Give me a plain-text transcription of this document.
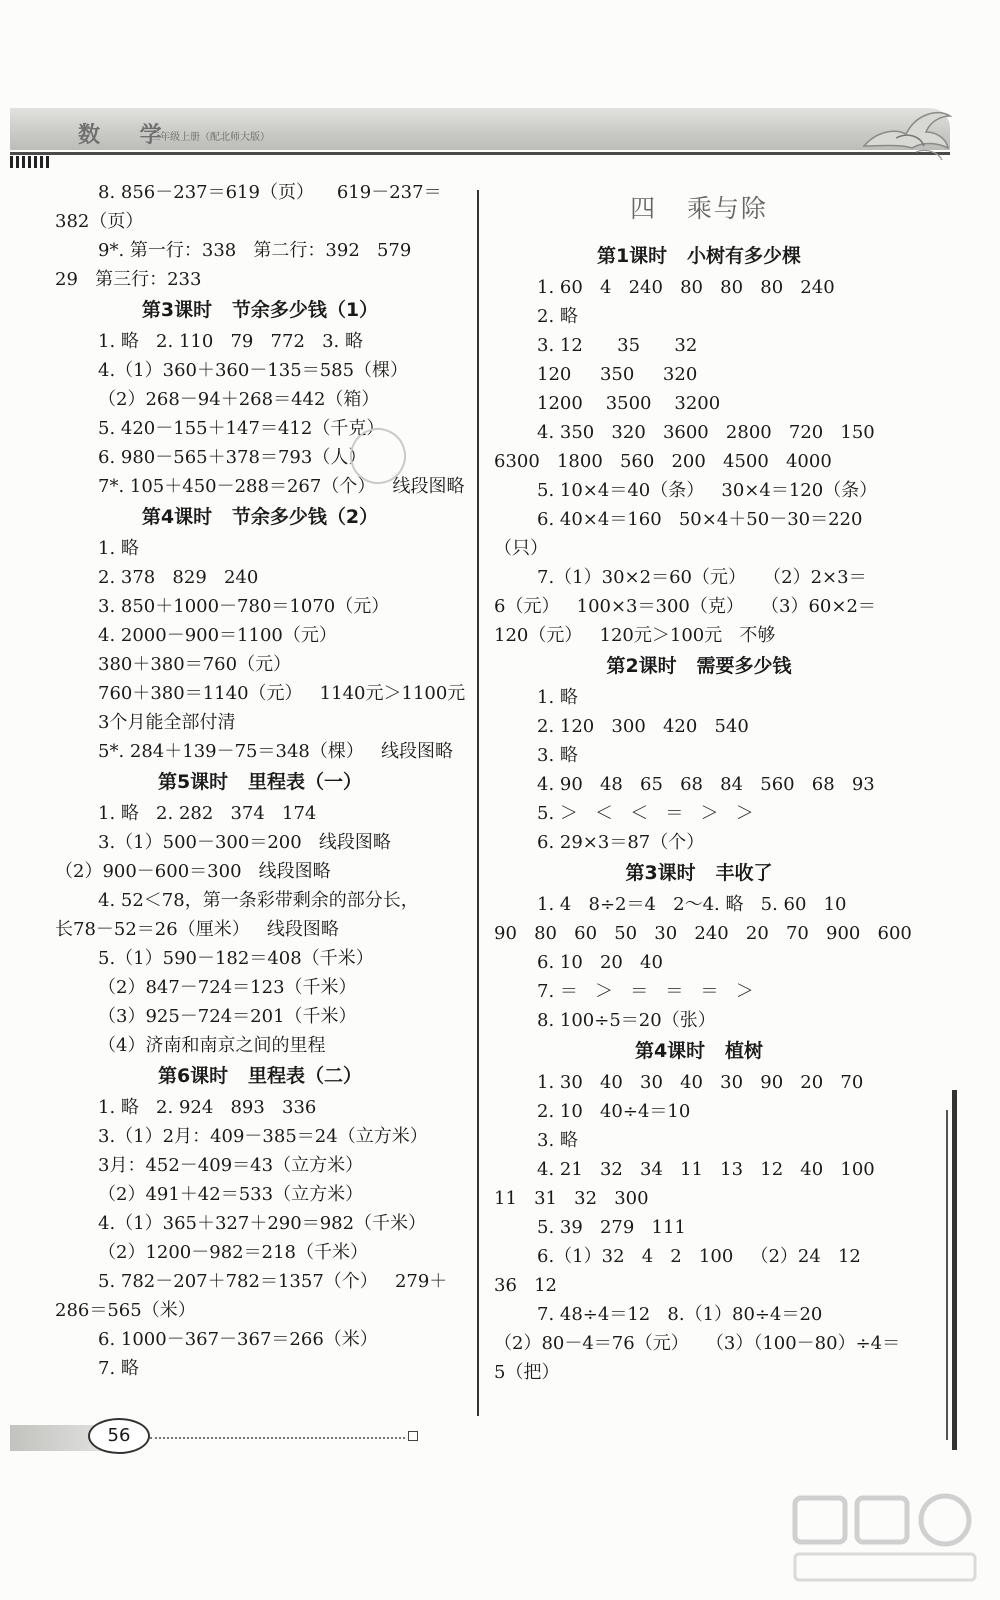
数 学
三年级上册（配北师大版）
8. 856－237＝619（页）    619－237＝
382（页）
9*. 第一行：338   第二行：392   579
29   第三行：233
第3课时   节余多少钱（1）
1. 略   2. 110   79   772   3. 略
4.（1）360＋360－135＝585（棵）
（2）268－94＋268＝442（箱）
5. 420－155＋147＝412（千克）
6. 980－565＋378＝793（人）
7*. 105＋450－288＝267（个）   线段图略
第4课时   节余多少钱（2）
1. 略
2. 378   829   240
3. 850＋1000－780＝1070（元）
4. 2000－900＝1100（元）
380＋380＝760（元）
760＋380＝1140（元）   1140元＞1100元
3个月能全部付清
5*. 284＋139－75＝348（棵）   线段图略
第5课时   里程表（一）
1. 略   2. 282   374   174
3.（1）500－300＝200   线段图略
（2）900－600＝300   线段图略
4. 52＜78，第一条彩带剩余的部分长，
长78－52＝26（厘米）   线段图略
5.（1）590－182＝408（千米）
（2）847－724＝123（千米）
（3）925－724＝201（千米）
（4）济南和南京之间的里程
第6课时   里程表（二）
1. 略   2. 924   893   336
3.（1）2月：409－385＝24（立方米）
3月：452－409＝43（立方米）
（2）491＋42＝533（立方米）
4.（1）365＋327＋290＝982（千米）
（2）1200－982＝218（千米）
5. 782－207＋782＝1357（个）   279＋
286＝565（米）
6. 1000－367－367＝266（米）
7. 略
四   乘与除
第1课时   小树有多少棵
1. 60   4   240   80   80   80   240
2. 略
3. 12      35      32
120     350     320
1200    3500    3200
4. 350   320   3600   2800   720   150
6300   1800   560   200   4500   4000
5. 10×4＝40（条）   30×4＝120（条）
6. 40×4＝160   50×4＋50－30＝220
（只）
7.（1）30×2＝60（元）   （2）2×3＝
6（元）   100×3＝300（克）   （3）60×2＝
120（元）   120元＞100元   不够
第2课时   需要多少钱
1. 略
2. 120   300   420   540
3. 略
4. 90   48   65   68   84   560   68   93
5. ＞   ＜   ＜   ＝   ＞   ＞
6. 29×3＝87（个）
第3课时   丰收了
1. 4   8÷2＝4   2～4. 略   5. 60   10
90   80   60   50   30   240   20   70   900   600
6. 10   20   40
7. ＝   ＞   ＝   ＝   ＝   ＞
8. 100÷5＝20（张）
第4课时   植树
1. 30   40   30   40   30   90   20   70
2. 10   40÷4＝10
3. 略
4. 21   32   34   11   13   12   40   100
11   31   32   300
5. 39   279   111
6.（1）32   4   2   100   （2）24   12
36   12
7. 48÷4＝12   8.（1）80÷4＝20
（2）80－4＝76（元）   （3）（100－80）÷4＝
5（把）
56
